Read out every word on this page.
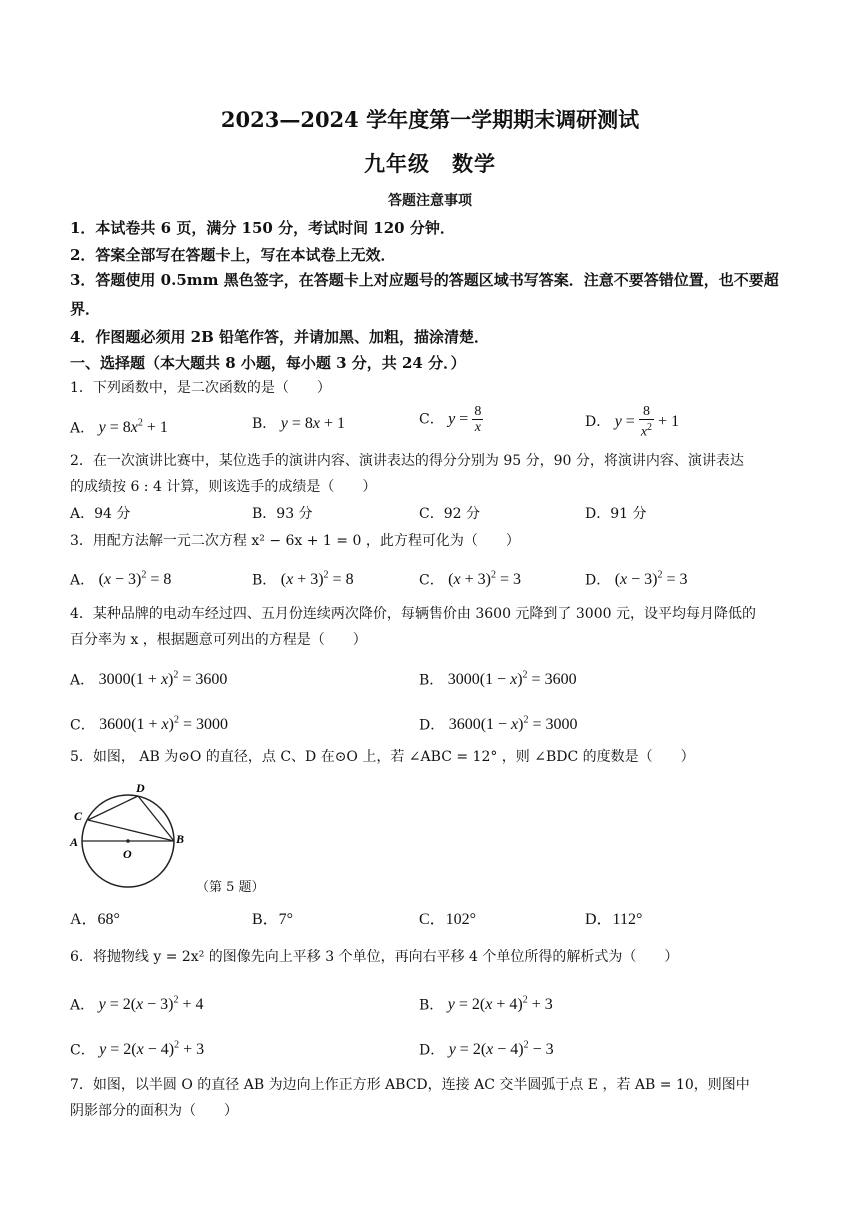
2023—2024 学年度第一学期期末调研测试
九年级　数学
答题注意事项
1．本试卷共 6 页，满分 150 分，考试时间 120 分钟．
2．答案全部写在答题卡上，写在本试卷上无效．
3．答题使用 0.5mm 黑色签字，在答题卡上对应题号的答题区域书写答案．注意不要答错位置，也不要超界．
4．作图题必须用 2B 铅笔作答，并请加黑、加粗，描涂清楚．
一、选择题（本大题共 8 小题，每小题 3 分，共 24 分．）
1．下列函数中，是二次函数的是（　　）
A． $y = 8x^2 + 1$	B． y = 8x + 1	C． $y = \frac{8}{x}$	D． $y = \frac{8}{x^2} + 1$
2．在一次演讲比赛中，某位选手的演讲内容、演讲表达的得分分别为 95 分，90 分，将演讲内容、演讲表达
的成绩按 6 : 4 计算，则该选手的成绩是（　　）
A．94 分	B．93 分	C．92 分	D．91 分
3．用配方法解一元二次方程 x² − 6x + 1 = 0 ，此方程可化为（　　）
A． $(x - 3)^2 = 8$	B． $(x + 3)^2 = 8$	C． $(x + 3)^2 = 3$	D． $(x - 3)^2 = 3$
4．某种品牌的电动车经过四、五月份连续两次降价，每辆售价由 3600 元降到了 3000 元，设平均每月降低的
百分率为 x ，根据题意可列出的方程是（　　）
A． $3000(1 + x)^2 = 3600$	B． $3000(1 - x)^2 = 3600$
C． $3600(1 + x)^2 = 3000$	D． $3600(1 - x)^2 = 3000$
5．如图， AB 为⊙O 的直径，点 C、D 在⊙O 上，若 ∠ABC = 12° ，则 ∠BDC 的度数是（　　）
A	B
C
D
O
（第 5 题）
A．68°	B．7°	C．102°	D．112°
6．将抛物线 y = 2x² 的图像先向上平移 3 个单位，再向右平移 4 个单位所得的解析式为（　　）
A． $y = 2(x - 3)^2 + 4$	B． $y = 2(x + 4)^2 + 3$
C． $y = 2(x - 4)^2 + 3$	D． $y = 2(x - 4)^2 - 3$
7．如图，以半圆 O 的直径 AB 为边向上作正方形 ABCD，连接 AC 交半圆弧于点 E ，若 AB = 10，则图中
阴影部分的面积为（　　）
